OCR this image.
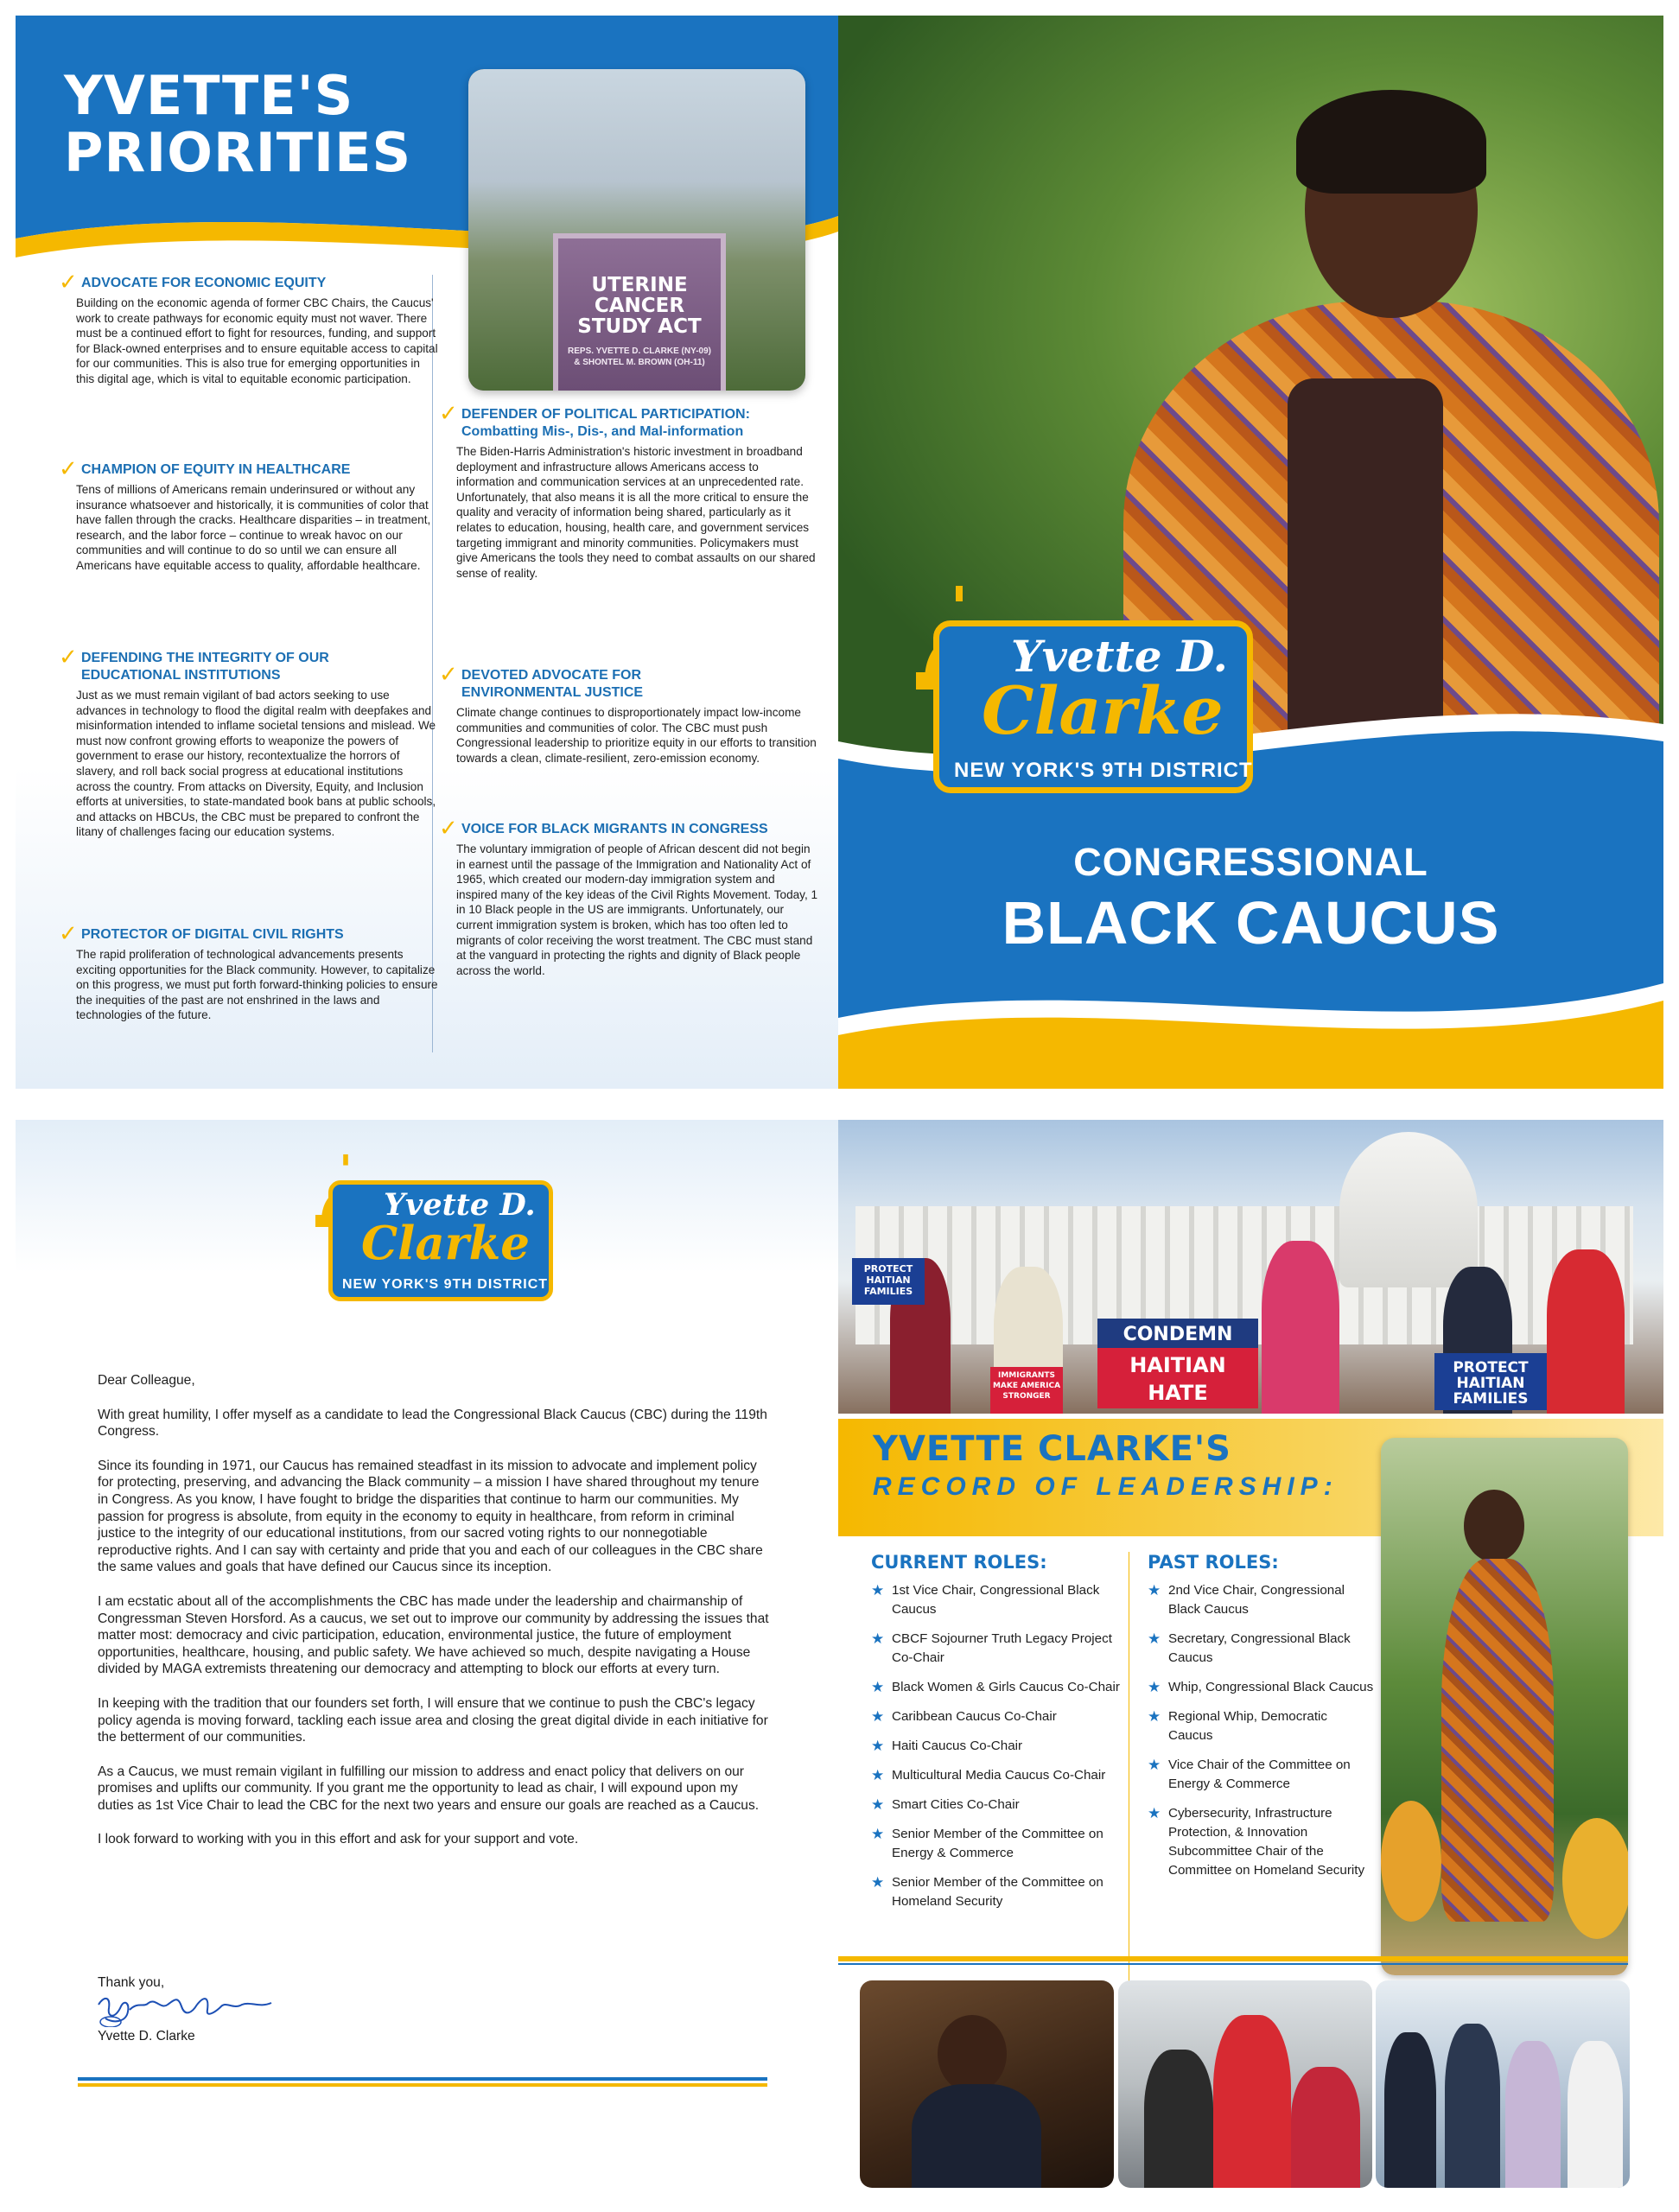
YVETTE'S
PRIORITIES
UTERINE CANCER STUDY ACT
REPS. YVETTE D. CLARKE (NY-09)
& SHONTEL M. BROWN (OH-11)
✓ ADVOCATE FOR ECONOMIC EQUITY

Building on the economic agenda of former CBC Chairs, the Caucus' work to create pathways for economic equity must not waver. There must be a continued effort to fight for resources, funding, and support for Black-owned enterprises and to ensure equitable access to capital for our communities. This is also true for emerging opportunities in this digital age, which is vital to equitable economic participation.

✓ CHAMPION OF EQUITY IN HEALTHCARE

Tens of millions of Americans remain underinsured or without any insurance whatsoever and historically, it is communities of color that have fallen through the cracks. Healthcare disparities – in treatment, research, and the labor force – continue to wreak havoc on our communities and will continue to do so until we can ensure all Americans have equitable access to quality, affordable healthcare.

✓ DEFENDING THE INTEGRITY OF OUR EDUCATIONAL INSTITUTIONS

Just as we must remain vigilant of bad actors seeking to use advances in technology to flood the digital realm with deepfakes and misinformation intended to inflame societal tensions and mislead. We must now confront growing efforts to weaponize the powers of government to erase our history, recontextualize the horrors of slavery, and roll back social progress at educational institutions across the country. From attacks on Diversity, Equity, and Inclusion efforts at universities, to state-mandated book bans at public schools, and attacks on HBCUs, the CBC must be prepared to confront the litany of challenges facing our education systems.

✓ PROTECTOR OF DIGITAL CIVIL RIGHTS

The rapid proliferation of technological advancements presents exciting opportunities for the Black community. However, to capitalize on this progress, we must put forth forward-thinking policies to ensure the inequities of the past are not enshrined in the laws and technologies of the future.

✓ DEFENDER OF POLITICAL PARTICIPATION:
Combatting Mis-, Dis-, and Mal-information

The Biden-Harris Administration's historic investment in broadband deployment and infrastructure allows Americans access to information and communication services at an unprecedented rate. Unfortunately, that also means it is all the more critical to ensure the quality and veracity of information being shared, particularly as it relates to education, housing, health care, and government services targeting immigrant and minority communities. Policymakers must give Americans the tools they need to combat assaults on our shared sense of reality.

✓ DEVOTED ADVOCATE FOR ENVIRONMENTAL JUSTICE

Climate change continues to disproportionately impact low-income communities and communities of color. The CBC must push Congressional leadership to prioritize equity in our efforts to transition towards a clean, climate-resilient, zero-emission economy.

✓ VOICE FOR BLACK MIGRANTS IN CONGRESS

The voluntary immigration of people of African descent did not begin in earnest until the passage of the Immigration and Nationality Act of 1965, which created our modern-day immigration system and inspired many of the key ideas of the Civil Rights Movement. Today, 1 in 10 Black people in the US are immigrants. Unfortunately, our current immigration system is broken, which has too often led to migrants of color receiving the worst treatment. The CBC must stand at the vanguard in protecting the rights and dignity of Black people across the world.

Yvette D.
Clarke
NEW YORK'S 9TH DISTRICT
CONGRESSIONAL
BLACK CAUCUS
Yvette D.
Clarke
NEW YORK'S 9TH DISTRICT

Dear Colleague,

With great humility, I offer myself as a candidate to lead the Congressional Black Caucus (CBC) during the 119th Congress.

Since its founding in 1971, our Caucus has remained steadfast in its mission to advocate and implement policy for protecting, preserving, and advancing the Black community – a mission I have shared throughout my tenure in Congress. As you know, I have fought to bridge the disparities that continue to harm our communities. My passion for progress is absolute, from equity in the economy to equity in healthcare, from reform in criminal justice to the integrity of our educational institutions, from our sacred voting rights to our nonnegotiable reproductive rights. And I can say with certainty and pride that you and each of our colleagues in the CBC share the same values and goals that have defined our Caucus since its inception.

I am ecstatic about all of the accomplishments the CBC has made under the leadership and chairmanship of Congressman Steven Horsford. As a caucus, we set out to improve our community by addressing the issues that matter most: democracy and civic participation, education, environmental justice, the future of employment opportunities, healthcare, housing, and public safety. We have achieved so much, despite navigating a House divided by MAGA extremists threatening our democracy and attempting to block our efforts at every turn.

In keeping with the tradition that our founders set forth, I will ensure that we continue to push the CBC's legacy policy agenda is moving forward, tackling each issue area and closing the great digital divide in each initiative for the betterment of our communities.

As a Caucus, we must remain vigilant in fulfilling our mission to address and enact policy that delivers on our promises and uplifts our community. If you grant me the opportunity to lead as chair, I will expound upon my duties as 1st Vice Chair to lead the CBC for the next two years and ensure our goals are reached as a Caucus.

I look forward to working with you in this effort and ask for your support and vote.

Thank you,
Yvette D. Clarke
PROTECT HAITIAN FAMILIES
IMMIGRANTS MAKE AMERICA STRONGER
CONDEMN
HAITIAN
HATE
PROTECT HAITIAN FAMILIES
YVETTE CLARKE'S
RECORD OF LEADERSHIP:
CURRENT ROLES:
★ 1st Vice Chair, Congressional Black Caucus
★ CBCF Sojourner Truth Legacy Project Co-Chair
★ Black Women & Girls Caucus Co-Chair
★ Caribbean Caucus Co-Chair
★ Haiti Caucus Co-Chair
★ Multicultural Media Caucus Co-Chair
★ Smart Cities Co-Chair
★ Senior Member of the Committee on Energy & Commerce
★ Senior Member of the Committee on Homeland Security
PAST ROLES:
★ 2nd Vice Chair, Congressional Black Caucus
★ Secretary, Congressional Black Caucus
★ Whip, Congressional Black Caucus
★ Regional Whip, Democratic Caucus
★ Vice Chair of the Committee on Energy & Commerce
★ Cybersecurity, Infrastructure Protection, & Innovation Subcommittee Chair of the Committee on Homeland Security
